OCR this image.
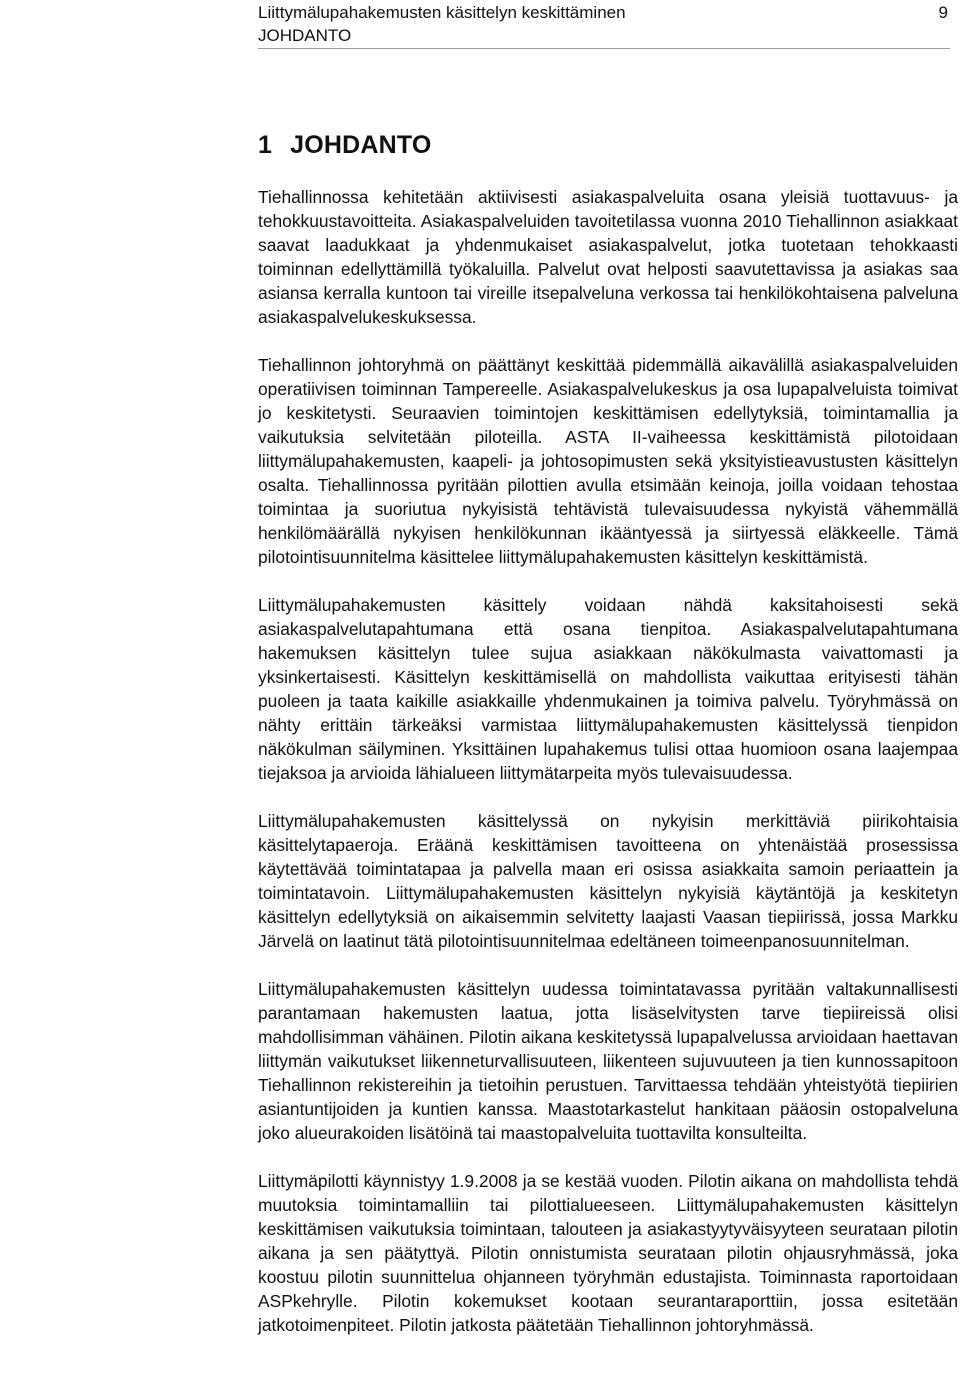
Liittymälupahakemusten käsittelyn keskittäminen	9
JOHDANTO
1 JOHDANTO

Tiehallinnossa kehitetään aktiivisesti asiakaspalveluita osana yleisiä tuottavuus- ja tehokkuustavoitteita. Asiakaspalveluiden tavoitetilassa vuonna 2010 Tiehallinnon asiakkaat saavat laadukkaat ja yhdenmukaiset asiakaspalvelut, jotka tuotetaan tehokkaasti toiminnan edellyttämillä työkaluilla. Palvelut ovat helposti saavutettavissa ja asiakas saa asiansa kerralla kuntoon tai vireille itsepalveluna verkossa tai henkilökohtaisena palveluna asiakaspalvelukeskuksessa.

Tiehallinnon johtoryhmä on päättänyt keskittää pidemmällä aikavälillä asiakaspalveluiden operatiivisen toiminnan Tampereelle. Asiakaspalvelukeskus ja osa lupapalveluista toimivat jo keskitetysti. Seuraavien toimintojen keskittämisen edellytyksiä, toimintamallia ja vaikutuksia selvitetään piloteilla. ASTA II-vaiheessa keskittämistä pilotoidaan liittymälupahakemusten, kaapeli- ja johtosopimusten sekä yksityistieavustusten käsittelyn osalta. Tiehallinnossa pyritään pilottien avulla etsimään keinoja, joilla voidaan tehostaa toimintaa ja suoriutua nykyisistä tehtävistä tulevaisuudessa nykyistä vähemmällä henkilömäärällä nykyisen henkilökunnan ikääntyessä ja siirtyessä eläkkeelle. Tämä pilotointisuunnitelma käsittelee liittymälupahakemusten käsittelyn keskittämistä.

Liittymälupahakemusten käsittely voidaan nähdä kaksitahoisesti sekä asiakaspalvelutapahtumana että osana tienpitoa. Asiakaspalvelutapahtumana hakemuksen käsittelyn tulee sujua asiakkaan näkökulmasta vaivattomasti ja yksinkertaisesti. Käsittelyn keskittämisellä on mahdollista vaikuttaa erityisesti tähän puoleen ja taata kaikille asiakkaille yhdenmukainen ja toimiva palvelu. Työryhmässä on nähty erittäin tärkeäksi varmistaa liittymälupahakemusten käsittelyssä tienpidon näkökulman säilyminen. Yksittäinen lupahakemus tulisi ottaa huomioon osana laajempaa tiejaksoa ja arvioida lähialueen liittymätarpeita myös tulevaisuudessa.

Liittymälupahakemusten käsittelyssä on nykyisin merkittäviä piirikohtaisia käsittelytapaeroja. Eräänä keskittämisen tavoitteena on yhtenäistää prosessissa käytettävää toimintatapaa ja palvella maan eri osissa asiakkaita samoin periaattein ja toimintatavoin. Liittymälupahakemusten käsittelyn nykyisiä käytäntöjä ja keskitetyn käsittelyn edellytyksiä on aikaisemmin selvitetty laajasti Vaasan tiepiirissä, jossa Markku Järvelä on laatinut tätä pilotointisuunnitelmaa edeltäneen toimeenpanosuunnitelman.

Liittymälupahakemusten käsittelyn uudessa toimintatavassa pyritään valtakunnallisesti parantamaan hakemusten laatua, jotta lisäselvitysten tarve tiepiireissä olisi mahdollisimman vähäinen. Pilotin aikana keskitetyssä lupapalvelussa arvioidaan haettavan liittymän vaikutukset liikenneturvallisuuteen, liikenteen sujuvuuteen ja tien kunnossapitoon Tiehallinnon rekistereihin ja tietoihin perustuen. Tarvittaessa tehdään yhteistyötä tiepiirien asiantuntijoiden ja kuntien kanssa. Maastotarkastelut hankitaan pääosin ostopalveluna joko alueurakoiden lisätöinä tai maastopalveluita tuottavilta konsulteilta.

Liittymäpilotti käynnistyy 1.9.2008 ja se kestää vuoden. Pilotin aikana on mahdollista tehdä muutoksia toimintamalliin tai pilottialueeseen. Liittymälupahakemusten käsittelyn keskittämisen vaikutuksia toimintaan, talouteen ja asiakastyytyväisyyteen seurataan pilotin aikana ja sen päätyttyä. Pilotin onnistumista seurataan pilotin ohjausryhmässä, joka koostuu pilotin suunnittelua ohjanneen työryhmän edustajista. Toiminnasta raportoidaan ASPkehrylle. Pilotin kokemukset kootaan seurantaraporttiin, jossa esitetään jatkotoimenpiteet. Pilotin jatkosta päätetään Tiehallinnon johtoryhmässä.
